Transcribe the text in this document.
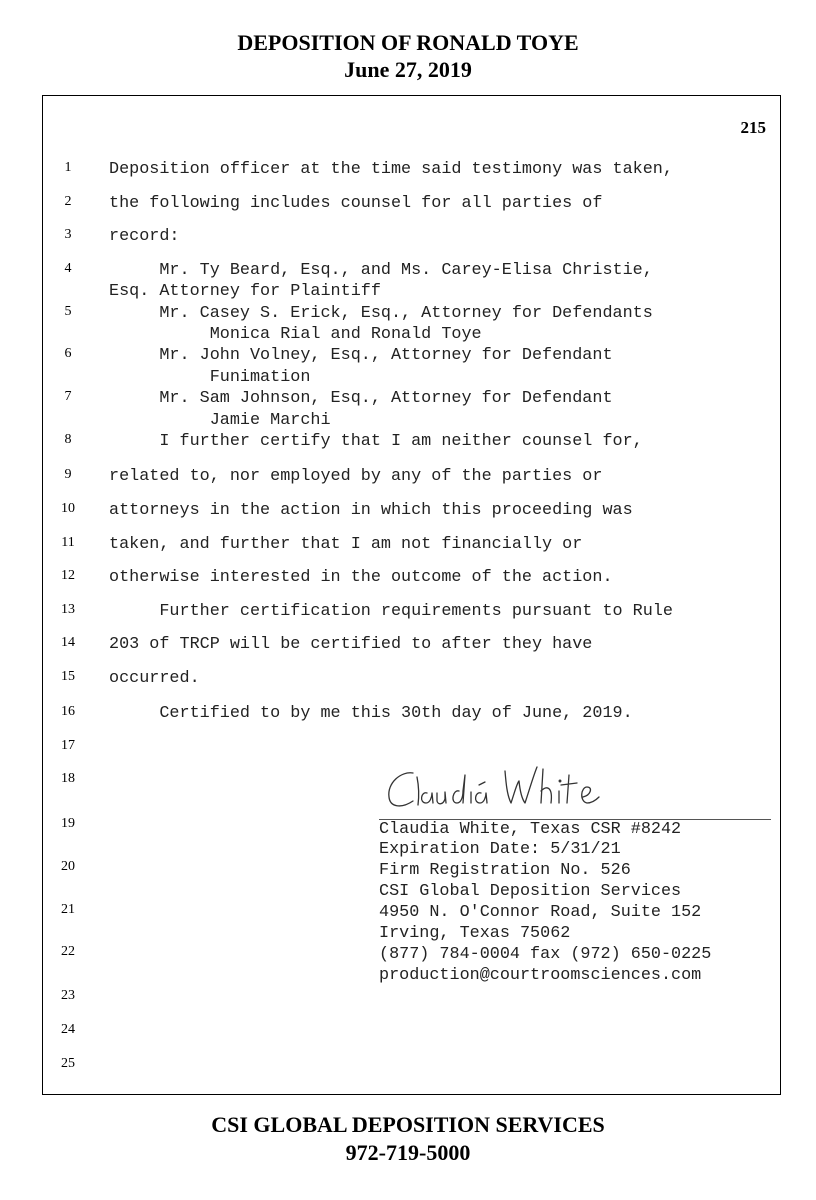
DEPOSITION OF RONALD TOYE
June 27, 2019
215
1
2
3
4
5
6
7
8
9
10
11
12
13
14
15
16
17
18
19
20
21
22
23
24
25
Deposition officer at the time said testimony was taken,
the following includes counsel for all parties of
record:
Mr. Ty Beard, Esq., and Ms. Carey-Elisa Christie,
Esq. Attorney for Plaintiff
Mr. Casey S. Erick, Esq., Attorney for Defendants
Monica Rial and Ronald Toye
Mr. John Volney, Esq., Attorney for Defendant
Funimation
Mr. Sam Johnson, Esq., Attorney for Defendant
Jamie Marchi
I further certify that I am neither counsel for,
related to, nor employed by any of the parties or
attorneys in the action in which this proceeding was
taken, and further that I am not financially or
otherwise interested in the outcome of the action.
Further certification requirements pursuant to Rule
203 of TRCP will be certified to after they have
occurred.
Certified to by me this 30th day of June, 2019.
Claudia White, Texas CSR #8242
Expiration Date: 5/31/21
Firm Registration No. 526
CSI Global Deposition Services
4950 N. O'Connor Road, Suite 152
Irving, Texas 75062
(877) 784-0004 fax (972) 650-0225
production@courtroomsciences.com
CSI GLOBAL DEPOSITION SERVICES
972-719-5000
